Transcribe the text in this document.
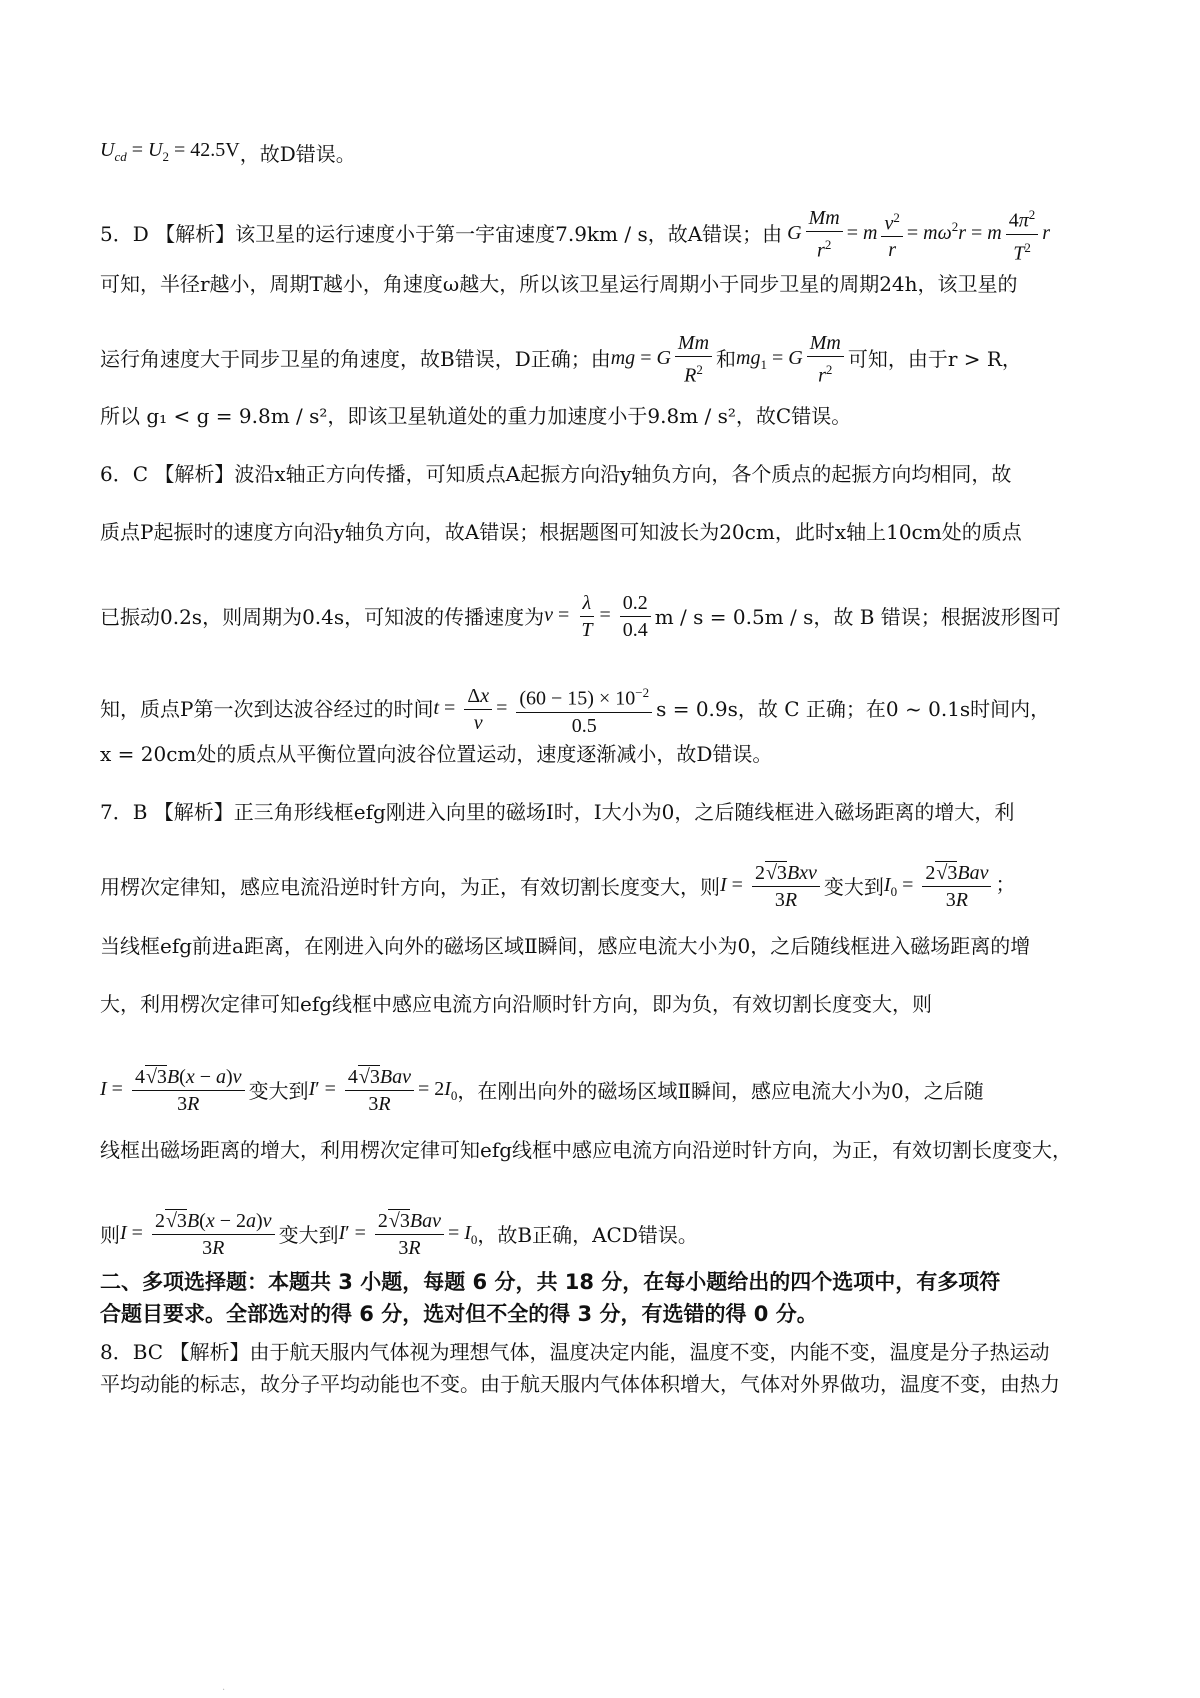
$U_{cd} = U_2 = 42.5V$ ，故D错误。
5．D 【解析】该卫星的运行速度小于第一宇宙速度7.9km / s，故A错误；由 G $\frac{Mm}{r^2} = m \frac{v^2}{r} = m\omega^2r = m \frac{4\pi^2}{T^2}$ r
可知，半径r越小，周期T越小，角速度ω越大，所以该卫星运行周期小于同步卫星的周期24h，该卫星的
运行角速度大于同步卫星的角速度，故B错误，D正确；由 mg = G $\frac{Mm}{R^2}$ 和 $mg_1 = G \frac{Mm}{r^2}$ 可知，由于r > R，
所以 g₁ < g = 9.8m / s²，即该卫星轨道处的重力加速度小于9.8m / s²，故C错误。
6．C 【解析】波沿x轴正方向传播，可知质点A起振方向沿y轴负方向，各个质点的起振方向均相同，故
质点P起振时的速度方向沿y轴负方向，故A错误；根据题图可知波长为20cm，此时x轴上10cm处的质点
已振动0.2s，则周期为0.4s，可知波的传播速度为 $v = \frac{\lambda}{T} = \frac{0.2}{0.4}$ m / s = 0.5m / s，故 B 错误；根据波形图可
知，质点P第一次到达波谷经过的时间 $t = \frac{\Delta x}{v} = \frac{(60 - 15) \times 10^{-2}}{0.5}$ s = 0.9s，故 C 正确；在0 ~ 0.1s时间内，
x = 20cm处的质点从平衡位置向波谷位置运动，速度逐渐减小，故D错误。
7．B 【解析】正三角形线框efg刚进入向里的磁场I时，I大小为0，之后随线框进入磁场距离的增大，利
用楞次定律知，感应电流沿逆时针方向，为正，有效切割长度变大，则 $I = \frac{\text{2√3Bxv}}{3R}$ 变大到 $I_0 = \frac{\text{2√3Bav}}{3R}$ ；
当线框efg前进a距离，在刚进入向外的磁场区域Ⅱ瞬间，感应电流大小为0，之后随线框进入磁场距离的增
大，利用楞次定律可知efg线框中感应电流方向沿顺时针方向，即为负，有效切割长度变大，则
$I = \frac{4√3B(x - a)v}{3R}$ 变大到 $I' = \frac{\text{4√3Bav}}{3R} = 2I_0$ ，在刚出向外的磁场区域Ⅱ瞬间，感应电流大小为0，之后随
线框出磁场距离的增大，利用楞次定律可知efg线框中感应电流方向沿逆时针方向，为正，有效切割长度变大，
则 $I = \frac{2√3B(x - 2a)v}{3R}$ 变大到 $I' = \frac{\text{2√3Bav}}{3R} = I_0$ ，故B正确，ACD错误。
二、多项选择题：本题共 3 小题，每题 6 分，共 18 分，在每小题给出的四个选项中，有多项符
合题目要求。全部选对的得 6 分，选对但不全的得 3 分，有选错的得 0 分。
8．BC 【解析】由于航天服内气体视为理想气体，温度决定内能，温度不变，内能不变，温度是分子热运动
平均动能的标志，故分子平均动能也不变。由于航天服内气体体积增大，气体对外界做功，温度不变，由热力
.
